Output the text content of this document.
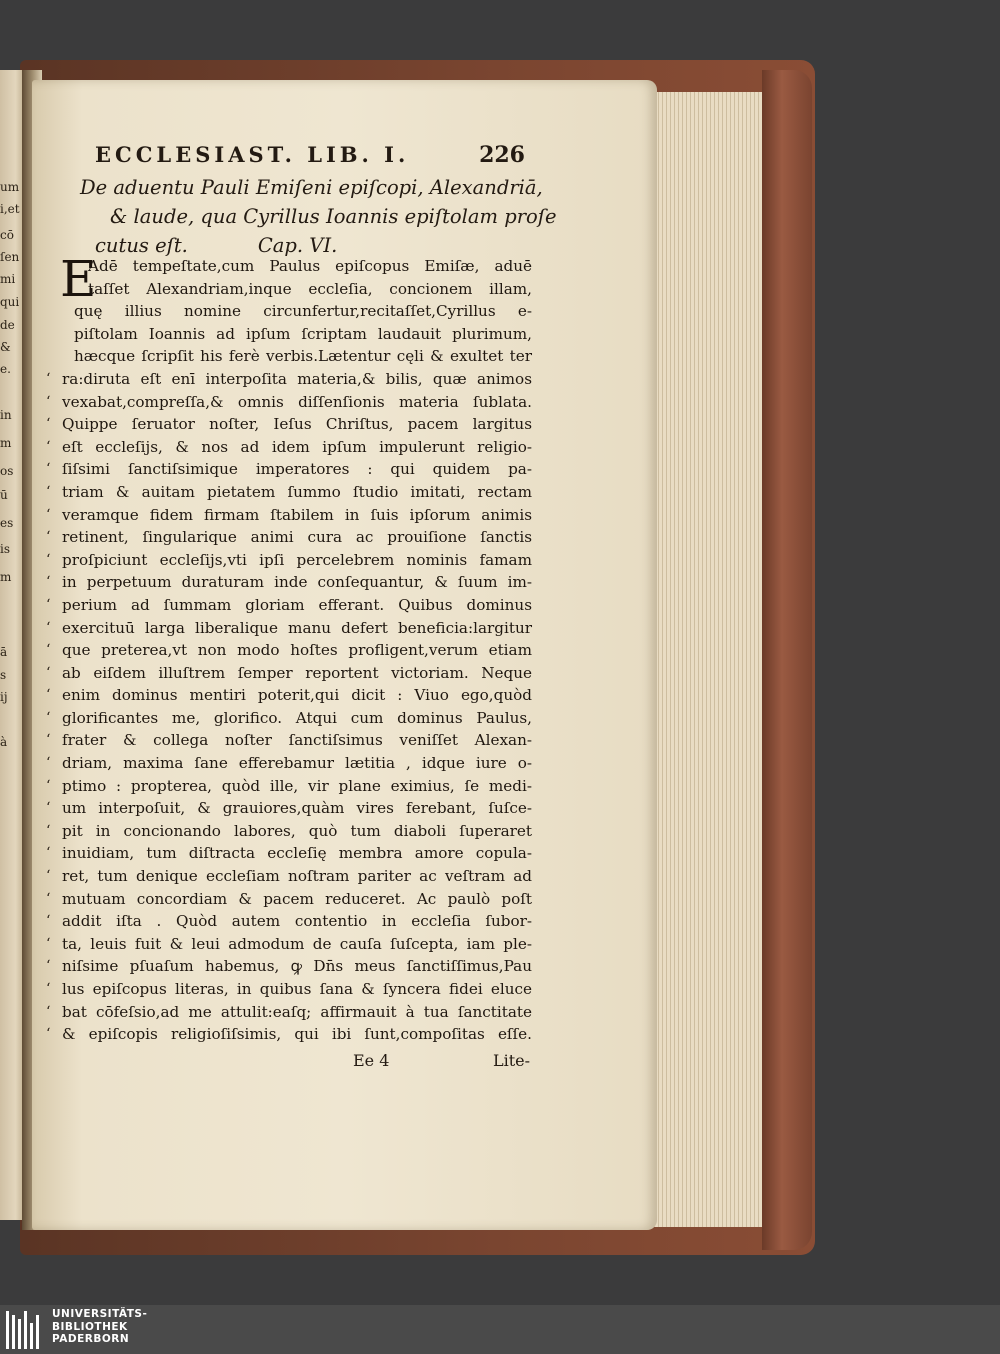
um
i,et
cō
ſen
mi
qui
de
&
e.
in
m
os
ū
es
is
m
ā
s
ij
à
ECCLESIAST. LIB. I.	226
De aduentu Pauli Emiſeni epiſcopi, Alexandriā,
& laude, qua Cyrillus Ioannis epiſtolam proſe
cutus eſt.	Cap. VI.
E
Adē tempeſtate,cum Paulus epiſcopus Emiſæ, aduē
taſſet Alexandriam,inque eccleſia, concionem illam,
quę illius nomine circunfertur,recitaſſet,Cyrillus e-
piſtolam Ioannis ad ipſum ſcriptam laudauit plurimum,
hæcque ſcripſit his ferè verbis.Lætentur cęli & exultet ter
‘ ra:diruta eſt enī interpoſita materia,& bilis, quæ animos
‘ vexabat,compreſſa,& omnis diſſenſionis materia ſublata.
‘ Quippe ſeruator noſter, Ieſus Chriſtus, pacem largitus
‘ eſt eccleſijs, & nos ad idem ipſum impulerunt religio-
‘ ſiſsimi ſanctiſsimique imperatores : qui quidem pa-
‘ triam & auitam pietatem ſummo ſtudio imitati, rectam
‘ veramque fidem firmam ſtabilem in ſuis ipſorum animis
‘ retinent, ſingularique animi cura ac prouiſione ſanctis
‘ proſpiciunt eccleſijs,vti ipſi percelebrem nominis famam
‘ in perpetuum duraturam inde conſequantur, & ſuum im-
‘ perium ad ſummam gloriam efferant. Quibus dominus
‘ exercituū larga liberalique manu defert beneficia:largitur
‘ que preterea,vt non modo hoſtes profligent,verum etiam
‘ ab eiſdem illuſtrem ſemper reportent victoriam. Neque
‘ enim dominus mentiri poterit,qui dicit : Viuo ego,quòd
‘ glorificantes me, glorifico. Atqui cum dominus Paulus,
‘ frater & collega noſter ſanctiſsimus veniſſet Alexan-
‘ driam, maxima ſane efferebamur lætitia , idque iure o-
‘ ptimo : propterea, quòd ille, vir plane eximius, ſe medi-
‘ um interpoſuit, & grauiores,quàm vires ferebant, ſuſce-
‘ pit in concionando labores, quò tum diaboli ſuperaret
‘ inuidiam, tum diſtracta eccleſię membra amore copula-
‘ ret, tum denique eccleſiam noſtram pariter ac veſtram ad
‘ mutuam concordiam & pacem reduceret. Ac paulò poſt
‘ addit iſta . Quòd autem contentio in eccleſia ſubor-
‘ ta, leuis fuit & leui admodum de cauſa ſuſcepta, iam ple-
‘ niſsime pſuaſum habemus, ꝙ Dn̄s meus ſanctiſſimus,Pau
‘ lus epiſcopus literas, in quibus ſana & ſyncera fidei eluce
‘ bat cōfeſsio,ad me attulit:eaſq; affirmauit à tua ſanctitate
‘ & epiſcopis religioſiſsimis, qui ibi ſunt,compoſitas eſſe.
Ee 4	Lite-
UNIVERSITÄTS-
BIBLIOTHEK
PADERBORN
